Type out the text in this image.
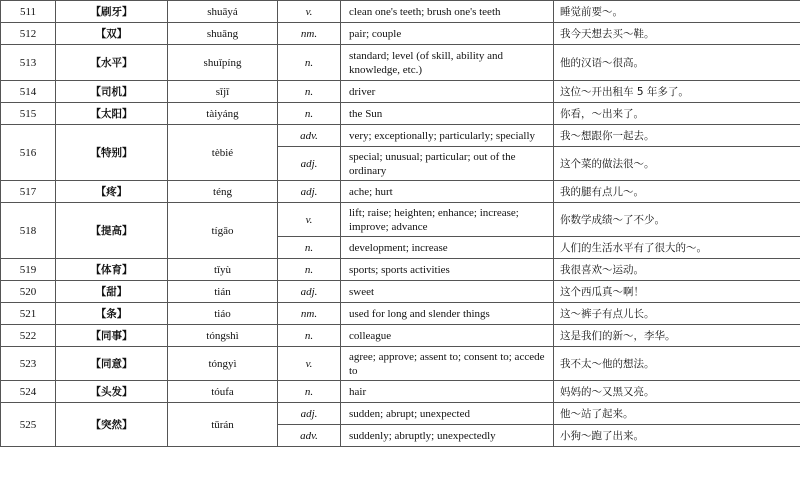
511	【刷牙】	shuāyá	v.	clean one's teeth; brush one's teeth	睡觉前要～。
512	【双】	shuāng	nm.	pair; couple	我今天想去买～鞋。
513	【水平】	shuǐpíng	n.	standard; level (of skill, ability and knowledge, etc.)	他的汉语～很高。
514	【司机】	sījī	n.	driver	这位～开出租车 5 年多了。
515	【太阳】	tàiyáng	n.	the Sun	你看，～出来了。
516	【特别】	tèbié	adv.	very; exceptionally; particularly; specially	我～想跟你一起去。
			adj.	special; unusual; particular; out of the ordinary	这个菜的做法很～。
517	【疼】	téng	adj.	ache; hurt	我的腿有点儿～。
518	【提高】	tígāo	v.	lift; raise; heighten; enhance; increase; improve; advance	你数学成绩～了不少。
			n.	development; increase	人们的生活水平有了很大的～。
519	【体育】	tǐyù	n.	sports; sports activities	我很喜欢～运动。
520	【甜】	tián	adj.	sweet	这个西瓜真～啊！
521	【条】	tiáo	nm.	used for long and slender things	这～裤子有点儿长。
522	【同事】	tóngshì	n.	colleague	这是我们的新～，李华。
523	【同意】	tóngyì	v.	agree; approve; assent to; consent to; accede to	我不太～他的想法。
524	【头发】	tóufa	n.	hair	妈妈的～又黑又亮。
525	【突然】	tūrán	adj.	sudden; abrupt; unexpected	他～站了起来。
			adv.	suddenly; abruptly; unexpectedly	小狗～跑了出来。
